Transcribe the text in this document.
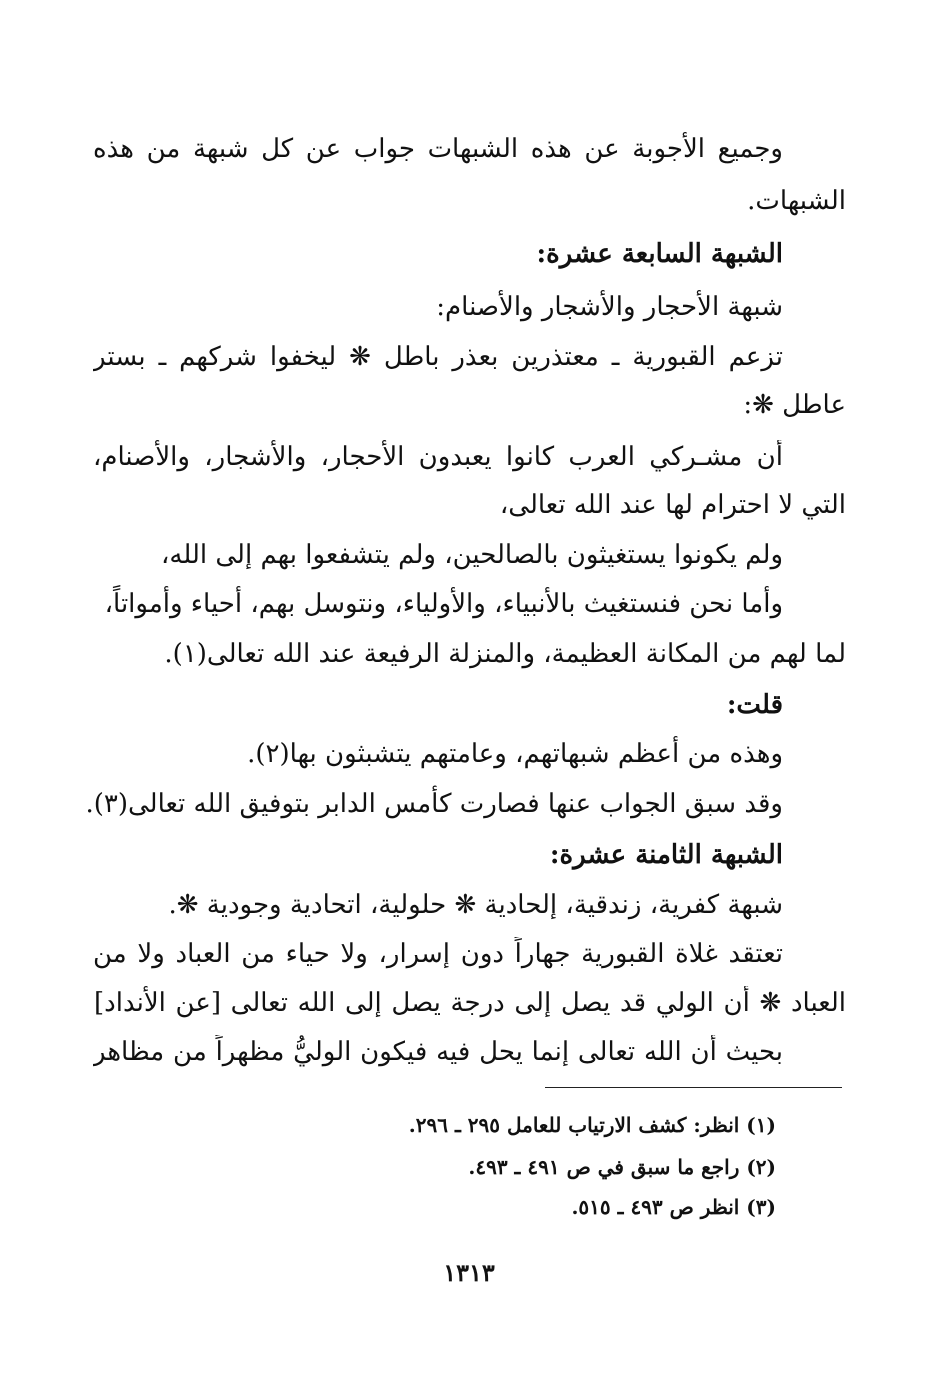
وجميع الأجوبة عن هذه الشبهات جواب عن كل شبهة من هذه
الشبهات.
الشبهة السابعة عشرة:
شبهة الأحجار والأشجار والأصنام:
تزعم القبورية ـ معتذرين بعذر باطل ❋ ليخفوا شركهم ـ بستر
عاطل ❋:
أن مشـركي العرب كانوا يعبدون الأحجار، والأشجار، والأصنام،
التي لا احترام لها عند الله تعالى،
ولم يكونوا يستغيثون بالصالحين، ولم يتشفعوا بهم إلى الله،
وأما نحن فنستغيث بالأنبياء، والأولياء، ونتوسل بهم، أحياء وأمواتاً،
لما لهم من المكانة العظيمة، والمنزلة الرفيعة عند الله تعالى(١).
قلت:
وهذه من أعظم شبهاتهم، وعامتهم يتشبثون بها(٢).
وقد سبق الجواب عنها فصارت كأمس الدابر بتوفيق الله تعالى(٣).
الشبهة الثامنة عشرة:
شبهة كفرية، زندقية، إلحادية ❋ حلولية، اتحادية وجودية ❋.
تعتقد غلاة القبورية جهاراً دون إسرار، ولا حياء من العباد ولا من
العباد ❋ أن الولي قد يصل إلى درجة يصل إلى الله تعالى [عن الأنداد]
بحيث أن الله تعالى إنما يحل فيه فيكون الوليُّ مظهراً من مظاهر
(١) انظر: كشف الارتياب للعامل ٢٩٥ ـ ٢٩٦.
(٢) راجع ما سبق في ص ٤٩١ ـ ٤٩٣.
(٣) انظر ص ٤٩٣ ـ ٥١٥.
١٣١٣
